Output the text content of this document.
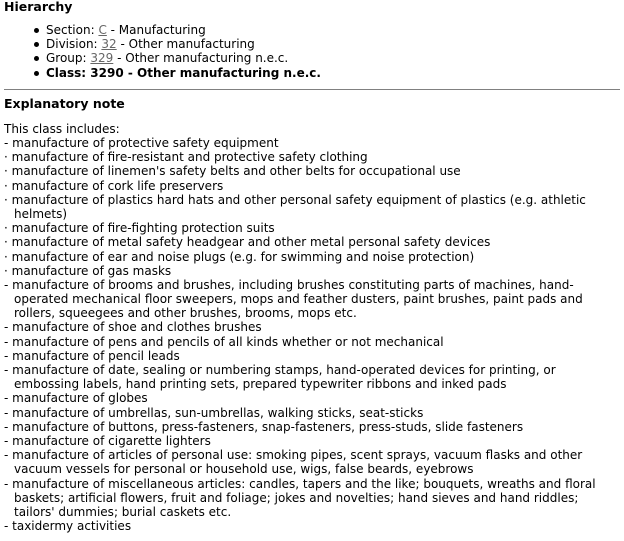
Hierarchy
Section: C - Manufacturing
Division: 32 - Other manufacturing
Group: 329 - Other manufacturing n.e.c.
Class: 3290 - Other manufacturing n.e.c.
Explanatory note
This class includes:
- manufacture of protective safety equipment
· manufacture of fire-resistant and protective safety clothing
· manufacture of linemen's safety belts and other belts for occupational use
· manufacture of cork life preservers
· manufacture of plastics hard hats and other personal safety equipment of plastics (e.g. athletic helmets)
· manufacture of fire-fighting protection suits
· manufacture of metal safety headgear and other metal personal safety devices
· manufacture of ear and noise plugs (e.g. for swimming and noise protection)
· manufacture of gas masks
- manufacture of brooms and brushes, including brushes constituting parts of machines, hand-operated mechanical floor sweepers, mops and feather dusters, paint brushes, paint pads and rollers, squeegees and other brushes, brooms, mops etc.
- manufacture of shoe and clothes brushes
- manufacture of pens and pencils of all kinds whether or not mechanical
- manufacture of pencil leads
- manufacture of date, sealing or numbering stamps, hand-operated devices for printing, or embossing labels, hand printing sets, prepared typewriter ribbons and inked pads
- manufacture of globes
- manufacture of umbrellas, sun-umbrellas, walking sticks, seat-sticks
- manufacture of buttons, press-fasteners, snap-fasteners, press-studs, slide fasteners
- manufacture of cigarette lighters
- manufacture of articles of personal use: smoking pipes, scent sprays, vacuum flasks and other vacuum vessels for personal or household use, wigs, false beards, eyebrows
- manufacture of miscellaneous articles: candles, tapers and the like; bouquets, wreaths and floral baskets; artificial flowers, fruit and foliage; jokes and novelties; hand sieves and hand riddles; tailors' dummies; burial caskets etc.
- taxidermy activities
